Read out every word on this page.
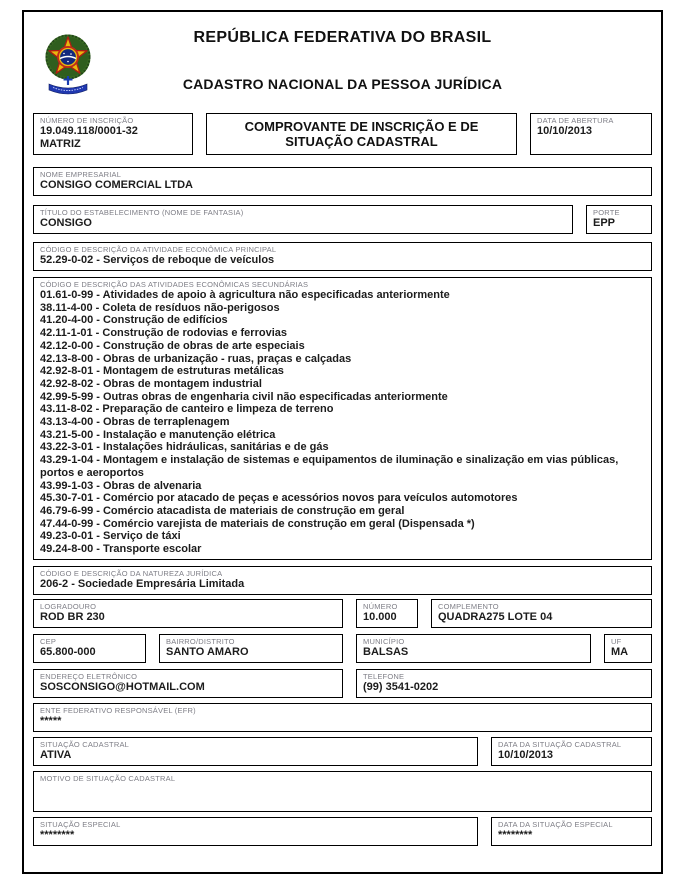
REPÚBLICA FEDERATIVA DO BRASIL
CADASTRO NACIONAL DA PESSOA JURÍDICA
NÚMERO DE INSCRIÇÃO
19.049.118/0001-32
MATRIZ
COMPROVANTE DE INSCRIÇÃO E DE SITUAÇÃO CADASTRAL
DATA DE ABERTURA
10/10/2013
NOME EMPRESARIAL
CONSIGO COMERCIAL LTDA
TÍTULO DO ESTABELECIMENTO (NOME DE FANTASIA)
CONSIGO
PORTE
EPP
CÓDIGO E DESCRIÇÃO DA ATIVIDADE ECONÔMICA PRINCIPAL
52.29-0-02 - Serviços de reboque de veículos
CÓDIGO E DESCRIÇÃO DAS ATIVIDADES ECONÔMICAS SECUNDÁRIAS
01.61-0-99 - Atividades de apoio à agricultura não especificadas anteriormente
38.11-4-00 - Coleta de resíduos não-perigosos
41.20-4-00 - Construção de edifícios
42.11-1-01 - Construção de rodovias e ferrovias
42.12-0-00 - Construção de obras de arte especiais
42.13-8-00 - Obras de urbanização - ruas, praças e calçadas
42.92-8-01 - Montagem de estruturas metálicas
42.92-8-02 - Obras de montagem industrial
42.99-5-99 - Outras obras de engenharia civil não especificadas anteriormente
43.11-8-02 - Preparação de canteiro e limpeza de terreno
43.13-4-00 - Obras de terraplenagem
43.21-5-00 - Instalação e manutenção elétrica
43.22-3-01 - Instalações hidráulicas, sanitárias e de gás
43.29-1-04 - Montagem e instalação de sistemas e equipamentos de iluminação e sinalização em vias públicas, portos e aeroportos
43.99-1-03 - Obras de alvenaria
45.30-7-01 - Comércio por atacado de peças e acessórios novos para veículos automotores
46.79-6-99 - Comércio atacadista de materiais de construção em geral
47.44-0-99 - Comércio varejista de materiais de construção em geral (Dispensada *)
49.23-0-01 - Serviço de táxi
49.24-8-00 - Transporte escolar
CÓDIGO E DESCRIÇÃO DA NATUREZA JURÍDICA
206-2 - Sociedade Empresária Limitada
LOGRADOURO
ROD BR 230
NÚMERO
10.000
COMPLEMENTO
QUADRA275 LOTE 04
CEP
65.800-000
BAIRRO/DISTRITO
SANTO AMARO
MUNICÍPIO
BALSAS
UF
MA
ENDEREÇO ELETRÔNICO
SOSCONSIGO@HOTMAIL.COM
TELEFONE
(99) 3541-0202
ENTE FEDERATIVO RESPONSÁVEL (EFR)
*****
SITUAÇÃO CADASTRAL
ATIVA
DATA DA SITUAÇÃO CADASTRAL
10/10/2013
MOTIVO DE SITUAÇÃO CADASTRAL
SITUAÇÃO ESPECIAL
********
DATA DA SITUAÇÃO ESPECIAL
********
